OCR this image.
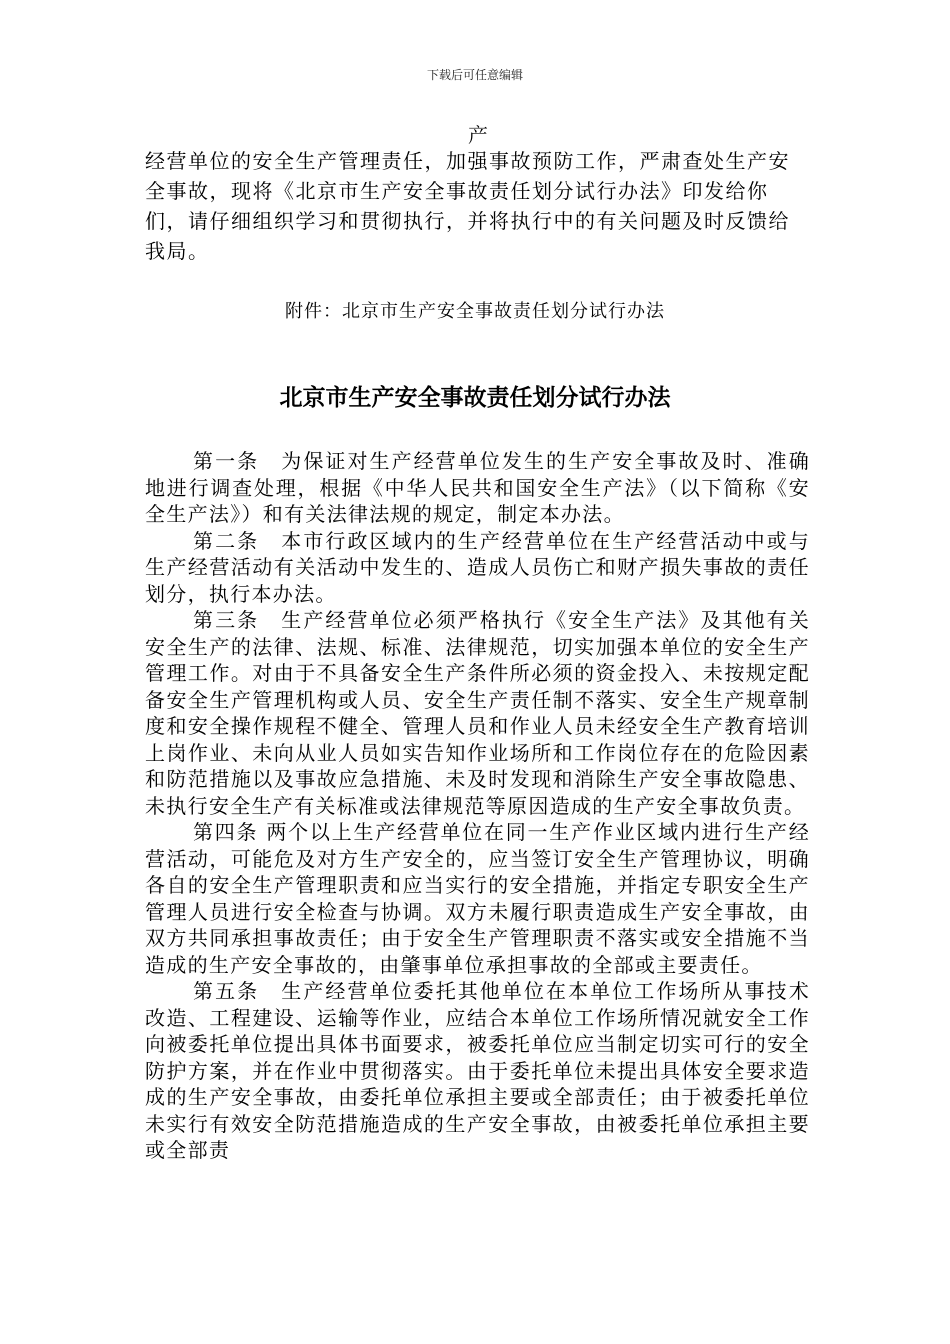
下载后可任意编辑
产

经营单位的安全生产管理责任，加强事故预防工作，严肃查处生产安全事故，现将《北京市生产安全事故责任划分试行办法》印发给你们，请仔细组织学习和贯彻执行，并将执行中的有关问题及时反馈给我局。

附件：北京市生产安全事故责任划分试行办法
北京市生产安全事故责任划分试行办法

第一条　为保证对生产经营单位发生的生产安全事故及时、准确地进行调查处理，根据《中华人民共和国安全生产法》（以下简称《安全生产法》）和有关法律法规的规定，制定本办法。

第二条　本市行政区域内的生产经营单位在生产经营活动中或与生产经营活动有关活动中发生的、造成人员伤亡和财产损失事故的责任划分，执行本办法。

第三条　生产经营单位必须严格执行《安全生产法》及其他有关安全生产的法律、法规、标准、法律规范，切实加强本单位的安全生产管理工作。对由于不具备安全生产条件所必须的资金投入、未按规定配备安全生产管理机构或人员、安全生产责任制不落实、安全生产规章制度和安全操作规程不健全、管理人员和作业人员未经安全生产教育培训上岗作业、未向从业人员如实告知作业场所和工作岗位存在的危险因素和防范措施以及事故应急措施、未及时发现和消除生产安全事故隐患、未执行安全生产有关标准或法律规范等原因造成的生产安全事故负责。

第四条 两个以上生产经营单位在同一生产作业区域内进行生产经营活动，可能危及对方生产安全的，应当签订安全生产管理协议，明确各自的安全生产管理职责和应当实行的安全措施，并指定专职安全生产管理人员进行安全检查与协调。双方未履行职责造成生产安全事故，由双方共同承担事故责任；由于安全生产管理职责不落实或安全措施不当造成的生产安全事故的，由肇事单位承担事故的全部或主要责任。

第五条　生产经营单位委托其他单位在本单位工作场所从事技术改造、工程建设、运输等作业，应结合本单位工作场所情况就安全工作向被委托单位提出具体书面要求，被委托单位应当制定切实可行的安全防护方案，并在作业中贯彻落实。由于委托单位未提出具体安全要求造成的生产安全事故，由委托单位承担主要或全部责任；由于被委托单位未实行有效安全防范措施造成的生产安全事故，由被委托单位承担主要或全部责
